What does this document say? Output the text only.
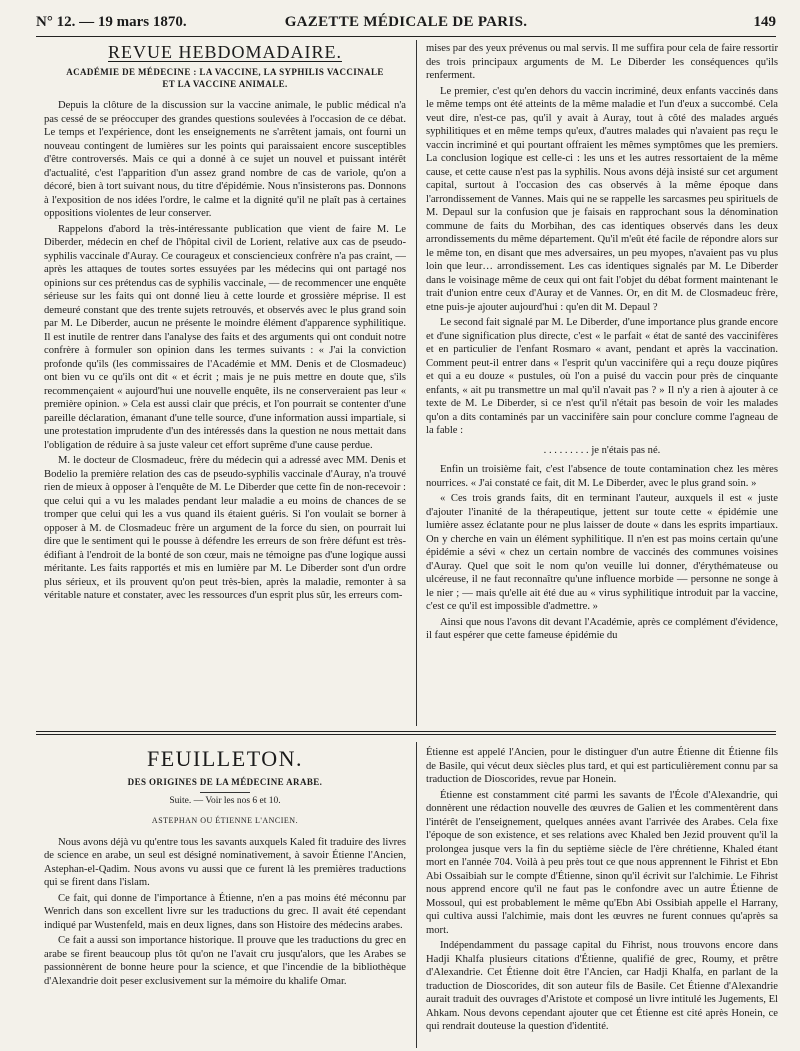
N° 12. — 19 mars 1870.	GAZETTE MÉDICALE DE PARIS.	149
REVUE HEBDOMADAIRE.
ACADÉMIE DE MÉDECINE : LA VACCINE, LA SYPHILIS VACCINALE
ET LA VACCINE ANIMALE.

Depuis la clôture de la discussion sur la vaccine animale, le public médical n'a pas cessé de se préoccuper des grandes questions soulevées à l'occasion de ce débat. Le temps et l'expérience, dont les enseignements ne s'arrêtent jamais, ont fourni un nouveau contingent de lumières sur les points qui paraissaient encore susceptibles d'être controversés. Mais ce qui a donné à ce sujet un nouvel et puissant intérêt d'actualité, c'est l'apparition d'un assez grand nombre de cas de variole, qu'on a décoré, bien à tort suivant nous, du titre d'épidémie. Nous n'insisterons pas. Donnons à l'exposition de nos idées l'ordre, le calme et la dignité qu'il ne plaît pas à certaines oppositions violentes de leur conserver.

Rappelons d'abord la très-intéressante publication que vient de faire M. Le Diberder, médecin en chef de l'hôpital civil de Lorient, relative aux cas de pseudo-syphilis vaccinale d'Auray. Ce courageux et consciencieux confrère n'a pas craint, — après les attaques de toutes sortes essuyées par les médecins qui ont partagé nos opinions sur ces prétendus cas de syphilis vaccinale, — de recommencer une enquête sérieuse sur les faits qui ont donné lieu à cette lourde et grossière méprise. Il est demeuré constant que des trente sujets retrouvés, et observés avec le plus grand soin par M. Le Diberder, aucun ne présente le moindre élément d'apparence syphilitique. Il est inutile de rentrer dans l'analyse des faits et des arguments qui ont conduit notre confrère à formuler son opinion dans les termes suivants : « J'ai la conviction profonde qu'ils (les commissaires de l'Académie et MM. Denis et de Closmadeuc) ont bien vu ce qu'ils ont dit « et écrit ; mais je ne puis mettre en doute que, s'ils recommençaient « aujourd'hui une nouvelle enquête, ils ne conserveraient pas leur « première opinion. » Cela est aussi clair que précis, et l'on pourrait se contenter d'une pareille déclaration, émanant d'une telle source, d'une information aussi impartiale, si une protestation imprudente d'un des intéressés dans la question ne nous mettait dans l'obligation de réduire à sa juste valeur cet effort suprême d'une cause perdue.

M. le docteur de Closmadeuc, frère du médecin qui a adressé avec MM. Denis et Bodelio la première relation des cas de pseudo-syphilis vaccinale d'Auray, n'a trouvé rien de mieux à opposer à l'enquête de M. Le Diberder que cette fin de non-recevoir : que celui qui a vu les malades pendant leur maladie a eu moins de chances de se tromper que celui qui les a vus quand ils étaient guéris. Si l'on voulait se borner à opposer à M. de Closmadeuc frère un argument de la force du sien, on pourrait lui dire que le sentiment qui le pousse à défendre les erreurs de son frère défunt est très-édifiant à l'endroit de la bonté de son cœur, mais ne témoigne pas d'une logique aussi méritante. Les faits rapportés et mis en lumière par M. Le Diberder sont d'un ordre plus sérieux, et ils prouvent qu'on peut très-bien, après la maladie, remonter à sa véritable nature et constater, avec les ressources d'un esprit plus sûr, les erreurs com-

mises par des yeux prévenus ou mal servis. Il me suffira pour cela de faire ressortir des trois principaux arguments de M. Le Diberder les conséquences qu'ils renferment.

Le premier, c'est qu'en dehors du vaccin incriminé, deux enfants vaccinés dans le même temps ont été atteints de la même maladie et l'un d'eux a succombé. Cela veut dire, n'est-ce pas, qu'il y avait à Auray, tout à côté des malades argués syphilitiques et en même temps qu'eux, d'autres malades qui n'avaient pas reçu le vaccin incriminé et qui pourtant offraient les mêmes symptômes que les premiers. La conclusion logique est celle-ci : les uns et les autres ressortaient de la même cause, et cette cause n'est pas la syphilis. Nous avons déjà insisté sur cet argument capital, surtout à l'occasion des cas observés à la même époque dans l'arrondissement de Vannes. Mais qui ne se rappelle les sarcasmes peu spirituels de M. Depaul sur la confusion que je faisais en rapprochant sous la dénomination commune de faits du Morbihan, des cas identiques observés dans les deux arrondissements du même département. Qu'il m'eût été facile de répondre alors sur le même ton, en disant que mes adversaires, un peu myopes, n'avaient pas vu plus loin que leur… arrondissement. Les cas identiques signalés par M. Le Diberder dans le voisinage même de ceux qui ont fait l'objet du débat forment maintenant le trait d'union entre ceux d'Auray et de Vannes. Or, en dit M. de Closmadeuc frère, etne puis-je ajouter aujourd'hui : qu'en dit M. Depaul ?

Le second fait signalé par M. Le Diberder, d'une importance plus grande encore et d'une signification plus directe, c'est « le parfait « état de santé des vaccinifères et en particulier de l'enfant Rosmaro « avant, pendant et après la vaccination. Comment peut-il entrer dans « l'esprit qu'un vaccinifère qui a reçu douze piqûres et qui a eu douze « pustules, où l'on a puisé du vaccin pour près de cinquante enfants, « ait pu transmettre un mal qu'il n'avait pas ? » Il n'y a rien à ajouter à ce texte de M. Le Diberder, si ce n'est qu'il n'était pas besoin de voir les malades qu'on a dits contaminés par un vaccinifère sain pour conclure comme l'agneau de la fable :

. . . . . . . . . je n'étais pas né.

Enfin un troisième fait, c'est l'absence de toute contamination chez les mères nourrices. « J'ai constaté ce fait, dit M. Le Diberder, avec le plus grand soin. »

« Ces trois grands faits, dit en terminant l'auteur, auxquels il est « juste d'ajouter l'inanité de la thérapeutique, jettent sur toute cette « épidémie une lumière assez éclatante pour ne plus laisser de doute « dans les esprits impartiaux. On y cherche en vain un élément syphilitique. Il n'en est pas moins certain qu'une épidémie a sévi « chez un certain nombre de vaccinés des communes voisines d'Auray. Quel que soit le nom qu'on veuille lui donner, d'érythémateuse ou ulcéreuse, il ne faut reconnaître qu'une influence morbide — personne ne songe à le nier ; — mais qu'elle ait été due au « virus syphilitique introduit par la vaccine, c'est ce qu'il est impossible d'admettre. »

Ainsi que nous l'avons dit devant l'Académie, après ce complément d'évidence, il faut espérer que cette fameuse épidémie du

FEUILLETON.
DES ORIGINES DE LA MÉDECINE ARABE.
Suite. — Voir les nos 6 et 10.
ASTEPHAN OU ÉTIENNE L'ANCIEN.

Nous avons déjà vu qu'entre tous les savants auxquels Kaled fit traduire des livres de science en arabe, un seul est désigné nominativement, à savoir Étienne l'Ancien, Astephan-el-Qadim. Nous avons vu aussi que ce furent là les premières traductions qui se firent dans l'islam.

Ce fait, qui donne de l'importance à Étienne, n'en a pas moins été méconnu par Wenrich dans son excellent livre sur les traductions du grec. Il avait été cependant indiqué par Wustenfeld, mais en deux lignes, dans son Histoire des médecins arabes.

Ce fait a aussi son importance historique. Il prouve que les traductions du grec en arabe se firent beaucoup plus tôt qu'on ne l'avait cru jusqu'alors, que les Arabes se passionnèrent de bonne heure pour la science, et que l'incendie de la bibliothèque d'Alexandrie doit peser exclusivement sur la mémoire du khalife Omar.

Étienne est appelé l'Ancien, pour le distinguer d'un autre Étienne dit Étienne fils de Basile, qui vécut deux siècles plus tard, et qui est particulièrement connu par sa traduction de Dioscorides, revue par Honein.

Étienne est constamment cité parmi les savants de l'École d'Alexandrie, qui donnèrent une rédaction nouvelle des œuvres de Galien et les commentèrent dans l'intérêt de l'enseignement, quelques années avant l'arrivée des Arabes. Cela fixe l'époque de son existence, et ses relations avec Khaled ben Jezid prouvent qu'il la prolongea jusque vers la fin du septième siècle de l'ère chrétienne, Khaled étant mort en l'année 704. Voilà à peu près tout ce que nous apprennent le Fihrist et Ebn Abi Ossaibiah sur le compte d'Étienne, sinon qu'il écrivit sur l'alchimie. Le Fihrist nous apprend encore qu'il ne faut pas le confondre avec un autre Étienne de Mossoul, qui est probablement le même qu'Ebn Abi Ossibiah appelle el Harrany, qui cultiva aussi l'alchimie, mais dont les œuvres ne furent connues qu'après sa mort.

Indépendamment du passage capital du Fihrist, nous trouvons encore dans Hadji Khalfa plusieurs citations d'Étienne, qualifié de grec, Roumy, et prêtre d'Alexandrie. Cet Étienne doit être l'Ancien, car Hadji Khalfa, en parlant de la traduction de Dioscorides, dit son auteur fils de Basile. Cet Étienne d'Alexandrie aurait traduit des ouvrages d'Aristote et composé un livre intitulé les Jugements, El Ahkam. Nous devons cependant ajouter que cet Étienne est cité après Honein, ce qui rendrait douteuse la question d'identité.
